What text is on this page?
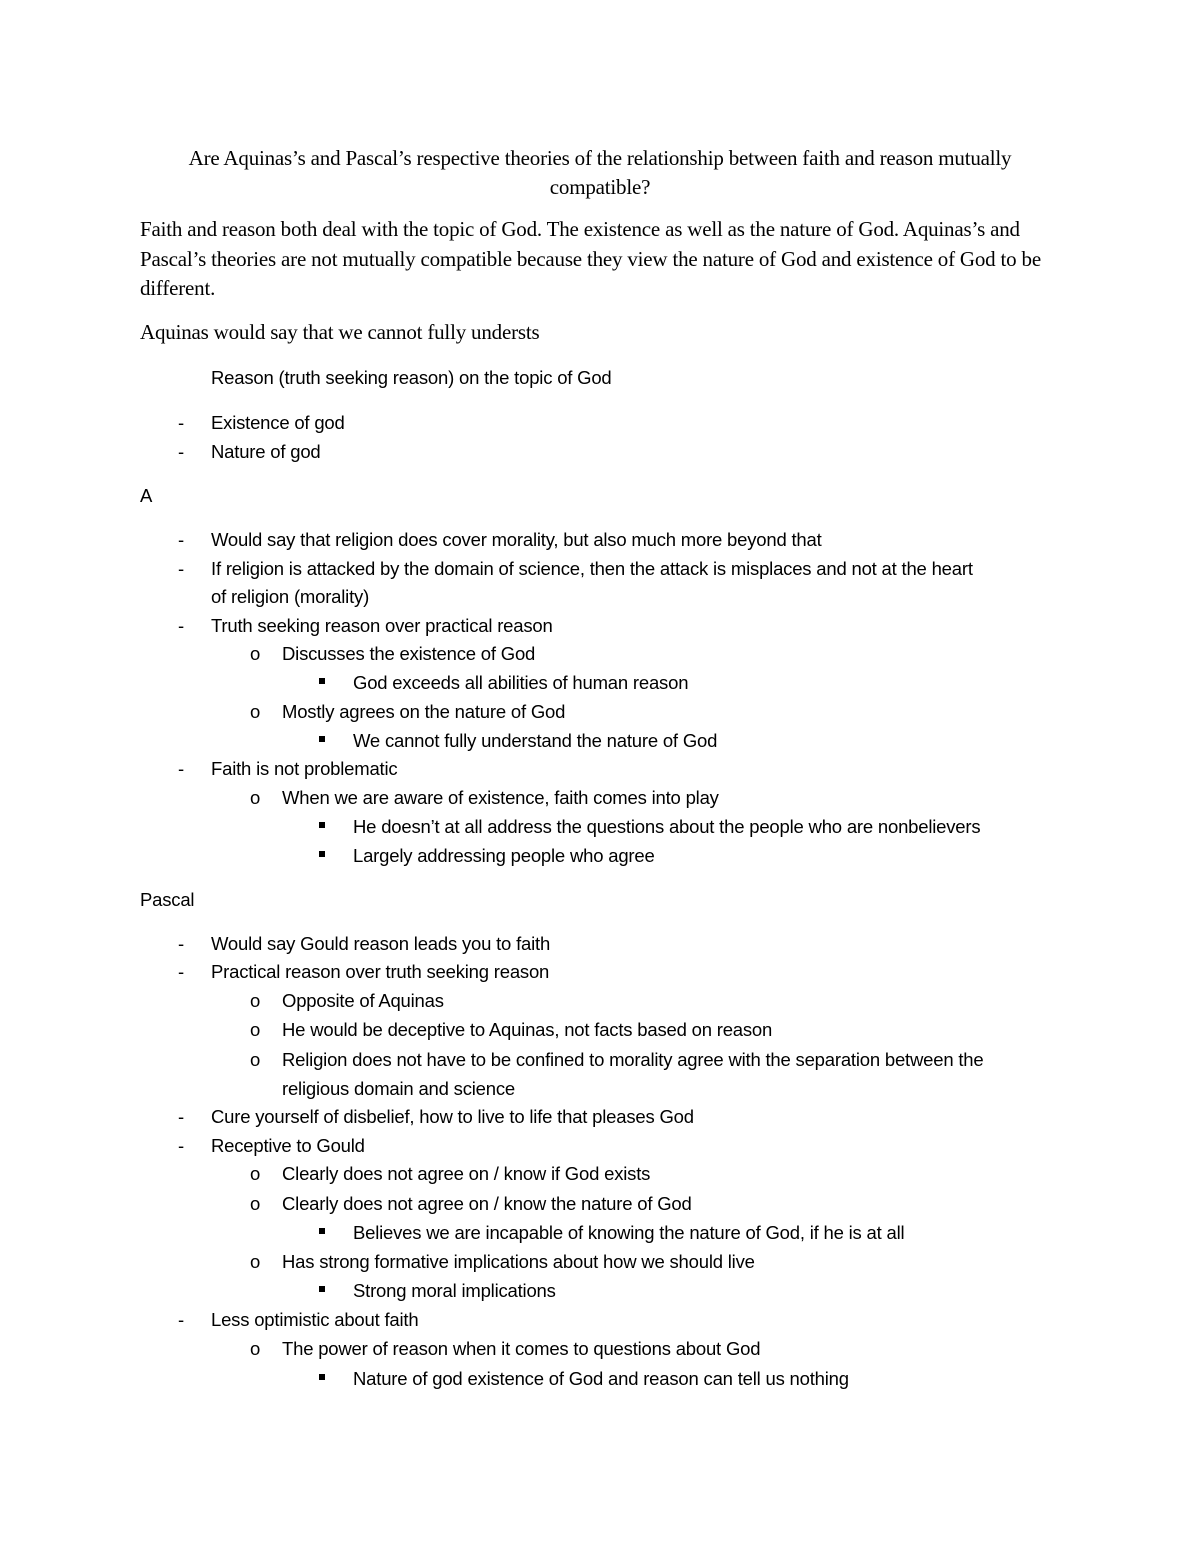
Are Aquinas’s and Pascal’s respective theories of the relationship between faith and reason mutually compatible?
Faith and reason both deal with the topic of God. The existence as well as the nature of God. Aquinas’s and Pascal’s theories are not mutually compatible because they view the nature of God and existence of God to be different.
Aquinas would say that we cannot fully understs
Reason (truth seeking reason) on the topic of God
- Existence of god
- Nature of god
A
- Would say that religion does cover morality, but also much more beyond that
- If religion is attacked by the domain of science, then the attack is misplaces and not at the heart
of religion (morality)
- Truth seeking reason over practical reason
o Discusses the existence of God
God exceeds all abilities of human reason
o Mostly agrees on the nature of God
We cannot fully understand the nature of God
- Faith is not problematic
o When we are aware of existence, faith comes into play
He doesn’t at all address the questions about the people who are nonbelievers
Largely addressing people who agree
Pascal
- Would say Gould reason leads you to faith
- Practical reason over truth seeking reason
o Opposite of Aquinas
o He would be deceptive to Aquinas, not facts based on reason
o Religion does not have to be confined to morality agree with the separation between the
religious domain and science
- Cure yourself of disbelief, how to live to life that pleases God
- Receptive to Gould
o Clearly does not agree on / know if God exists
o Clearly does not agree on / know the nature of God
Believes we are incapable of knowing the nature of God, if he is at all
o Has strong formative implications about how we should live
Strong moral implications
- Less optimistic about faith
o The power of reason when it comes to questions about God
Nature of god existence of God and reason can tell us nothing
